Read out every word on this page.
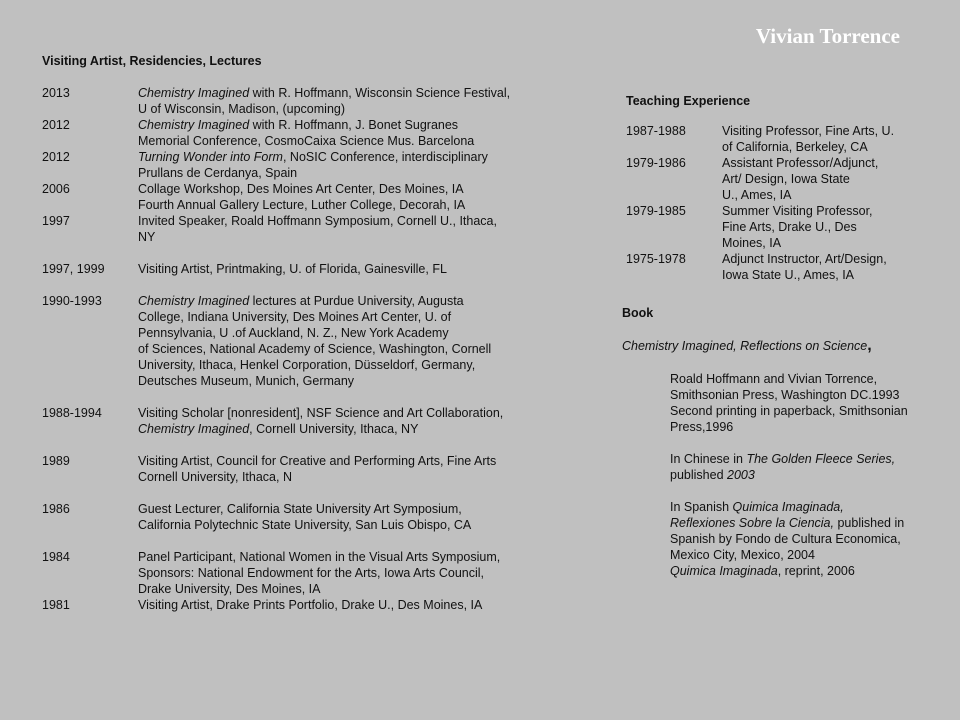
Vivian Torrence
Visiting Artist, Residencies, Lectures
2013	Chemistry Imagined with R. Hoffmann, Wisconsin Science Festival,
U of Wisconsin, Madison, (upcoming)
2012	Chemistry Imagined with R. Hoffmann, J. Bonet Sugranes
Memorial Conference, CosmoCaixa Science Mus. Barcelona
2012	Turning Wonder into Form, NoSIC Conference, interdisciplinary
Prullans de Cerdanya, Spain
2006	Collage Workshop, Des Moines Art Center, Des Moines, IA
Fourth Annual Gallery Lecture, Luther College, Decorah, IA
1997	Invited Speaker, Roald Hoffmann Symposium, Cornell U., Ithaca,
NY
1997, 1999	Visiting Artist, Printmaking, U. of Florida, Gainesville, FL
1990-1993	Chemistry Imagined lectures at Purdue University, Augusta
College, Indiana University, Des Moines Art Center, U. of
Pennsylvania, U .of Auckland, N. Z., New York Academy
of Sciences, National Academy of Science, Washington, Cornell
University, Ithaca, Henkel Corporation, Düsseldorf, Germany,
Deutsches Museum, Munich, Germany
1988-1994	Visiting Scholar [nonresident], NSF Science and Art Collaboration,
Chemistry Imagined, Cornell University, Ithaca, NY
1989	Visiting Artist, Council for Creative and Performing Arts, Fine Arts
Cornell University, Ithaca, N
1986	Guest Lecturer, California State University Art Symposium,
California Polytechnic State University, San Luis Obispo, CA
1984	Panel Participant, National Women in the Visual Arts Symposium,
Sponsors: National Endowment for the Arts, Iowa Arts Council,
Drake University, Des Moines, IA
1981	Visiting Artist, Drake Prints Portfolio, Drake U., Des Moines, IA
Teaching Experience
1987-1988	Visiting Professor, Fine Arts, U.
of California, Berkeley, CA
1979-1986	Assistant Professor/Adjunct,
Art/ Design, Iowa State
U., Ames, IA
1979-1985	Summer Visiting Professor,
Fine Arts, Drake U., Des
Moines, IA
1975-1978	Adjunct Instructor, Art/Design,
Iowa State U., Ames, IA
Book
Chemistry Imagined, Reflections on Science,
Roald Hoffmann and Vivian Torrence,
Smithsonian Press, Washington DC.1993
Second printing in paperback, Smithsonian
Press,1996
In Chinese in The Golden Fleece Series,
published 2003
In Spanish Quimica Imaginada,
Reflexiones Sobre la Ciencia, published in
Spanish by Fondo de Cultura Economica,
Mexico City, Mexico, 2004
Quimica Imaginada, reprint, 2006
